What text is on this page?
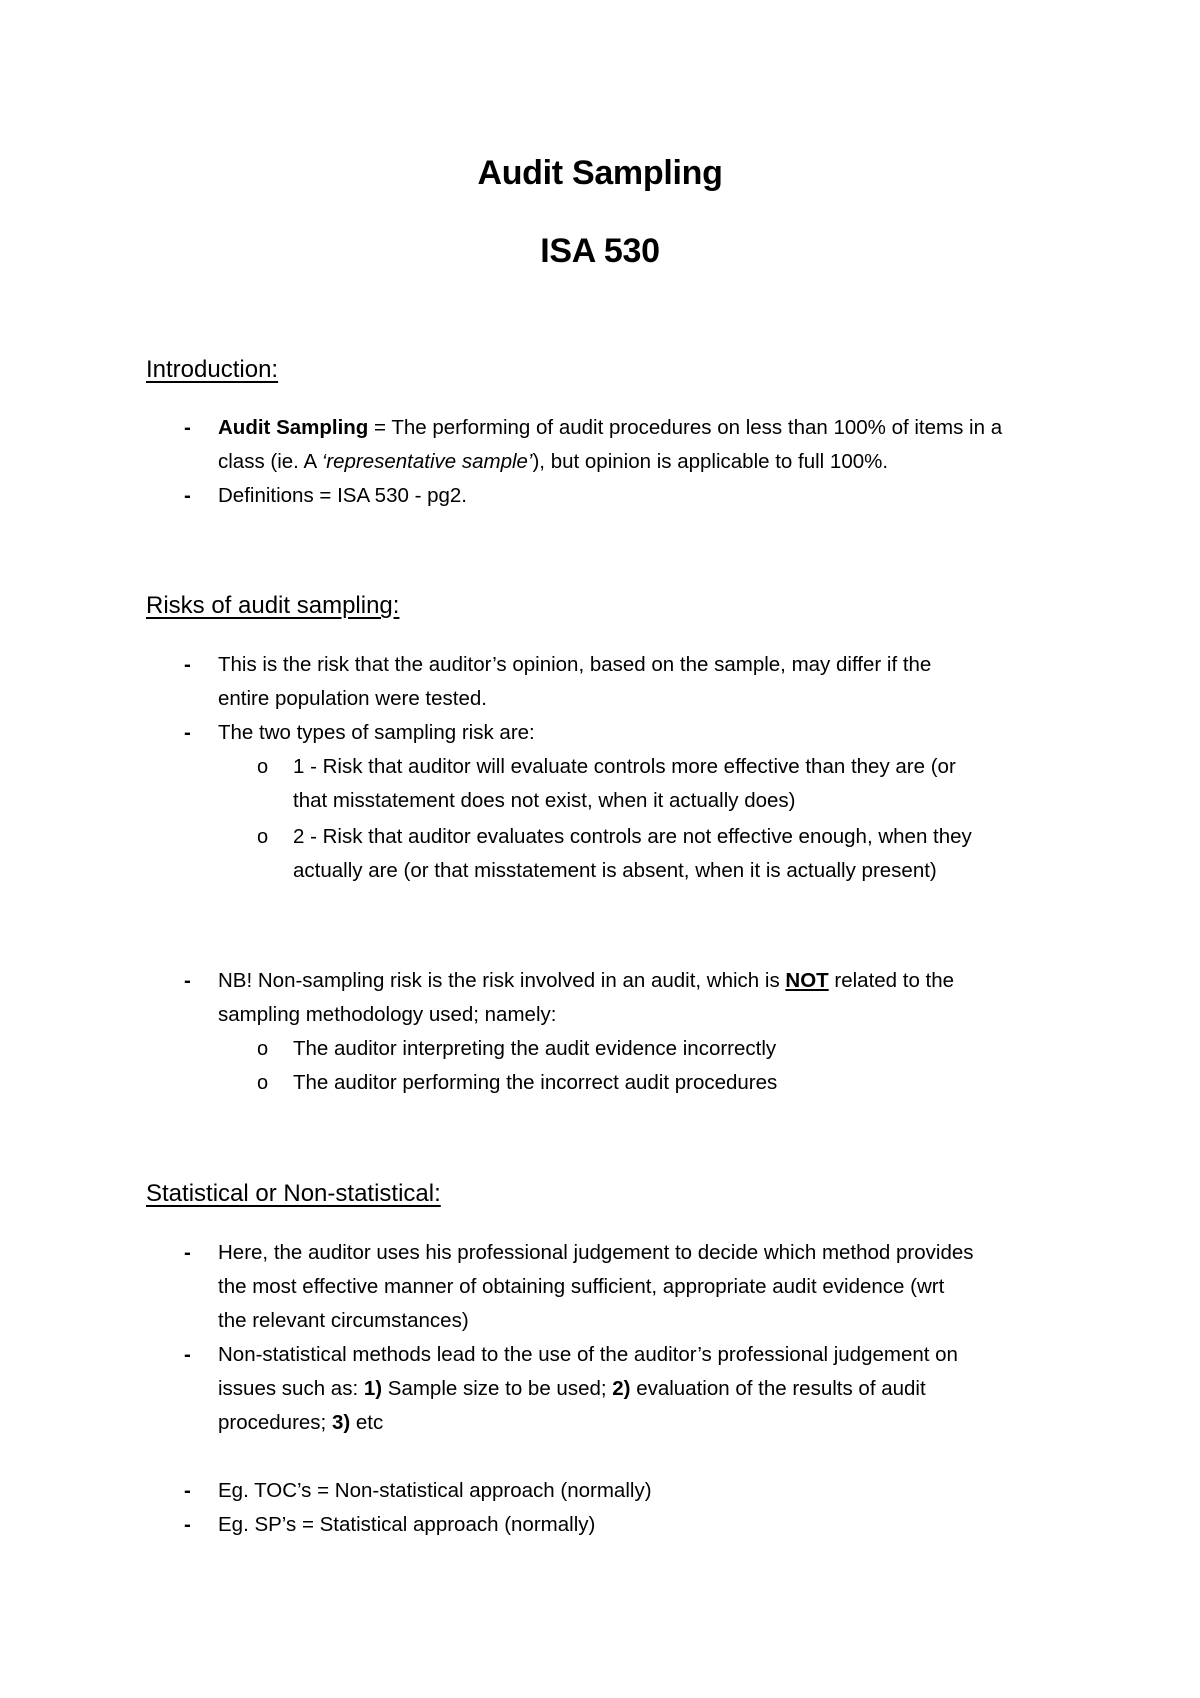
Audit Sampling
ISA 530
Introduction:
- Audit Sampling = The performing of audit procedures on less than 100% of items in a
class (ie. A ‘representative sample’), but opinion is applicable to full 100%.
- Definitions = ISA 530 - pg2.
Risks of audit sampling:
- This is the risk that the auditor’s opinion, based on the sample, may differ if the
entire population were tested.
- The two types of sampling risk are:
o 1 - Risk that auditor will evaluate controls more effective than they are (or
that misstatement does not exist, when it actually does)
o 2 - Risk that auditor evaluates controls are not effective enough, when they
actually are (or that misstatement is absent, when it is actually present)
- NB! Non-sampling risk is the risk involved in an audit, which is NOT related to the
sampling methodology used; namely:
o The auditor interpreting the audit evidence incorrectly
o The auditor performing the incorrect audit procedures
Statistical or Non-statistical:
- Here, the auditor uses his professional judgement to decide which method provides
the most effective manner of obtaining sufficient, appropriate audit evidence (wrt
the relevant circumstances)
- Non-statistical methods lead to the use of the auditor’s professional judgement on
issues such as: 1) Sample size to be used; 2) evaluation of the results of audit
procedures; 3) etc
- Eg. TOC’s = Non-statistical approach (normally)
- Eg. SP’s = Statistical approach (normally)
